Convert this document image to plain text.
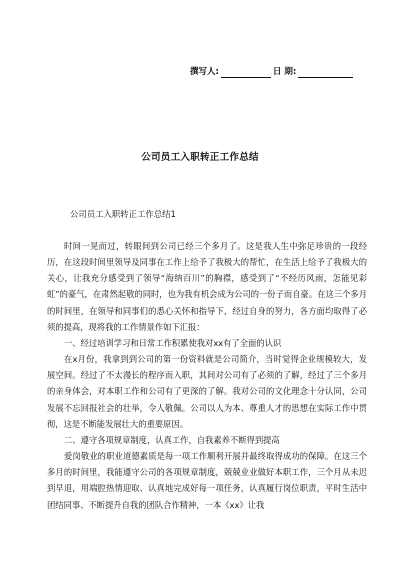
撰写人:	日 期:
公司员工入职转正工作总结
公司员工入职转正工作总结1

时间一晃而过，转眼间到公司已经三个多月了。这是我人生中弥足珍贵的一段经历，在这段时间里领导及同事在工作上给予了我极大的帮忙，在生活上给予了我极大的关心，让我充分感受到了领导“海纳百川”的胸襟，感受到了“不经历风雨，怎能见彩虹”的豪气，在肃然起敬的同时，也为我有机会成为公司的一份子而自豪。在这三个多月的时间里，在领导和同事们的悉心关怀和指导下，经过自身的努力，各方面均取得了必须的提高，现将我的工作情景作如下汇报：

一、经过培训学习和日常工作积累使我对xx有了全面的认识

在x月份，我拿到到公司的第一份资料就是公司简介，当时觉得企业规模较大，发展空间。经过了不太漫长的程序而入职，其间对公司有了必须的了解，经过了三个多月的亲身体会，对本职工作和公司有了更深的了解。我对公司的文化理念十分认同，公司发展不忘回报社会的壮举，令人敬佩。公司以人为本、尊重人才的思想在实际工作中贯彻，这是不断能发展壮大的重要原因。

二、遵守各项规章制度，认真工作，自我素养不断得到提高

爱岗敬业的职业道德素质是每一项工作顺利开展并最终取得成功的保障。在这三个多月的时间里，我能遵守公司的各项规章制度，兢兢业业做好本职工作，三个月从未迟到早退，用端腔热情迎取、认真地完成好每一项任务，认真履行岗位职责，平时生活中团结同事、不断提升自我的团队合作精神，一本《xx》让我
